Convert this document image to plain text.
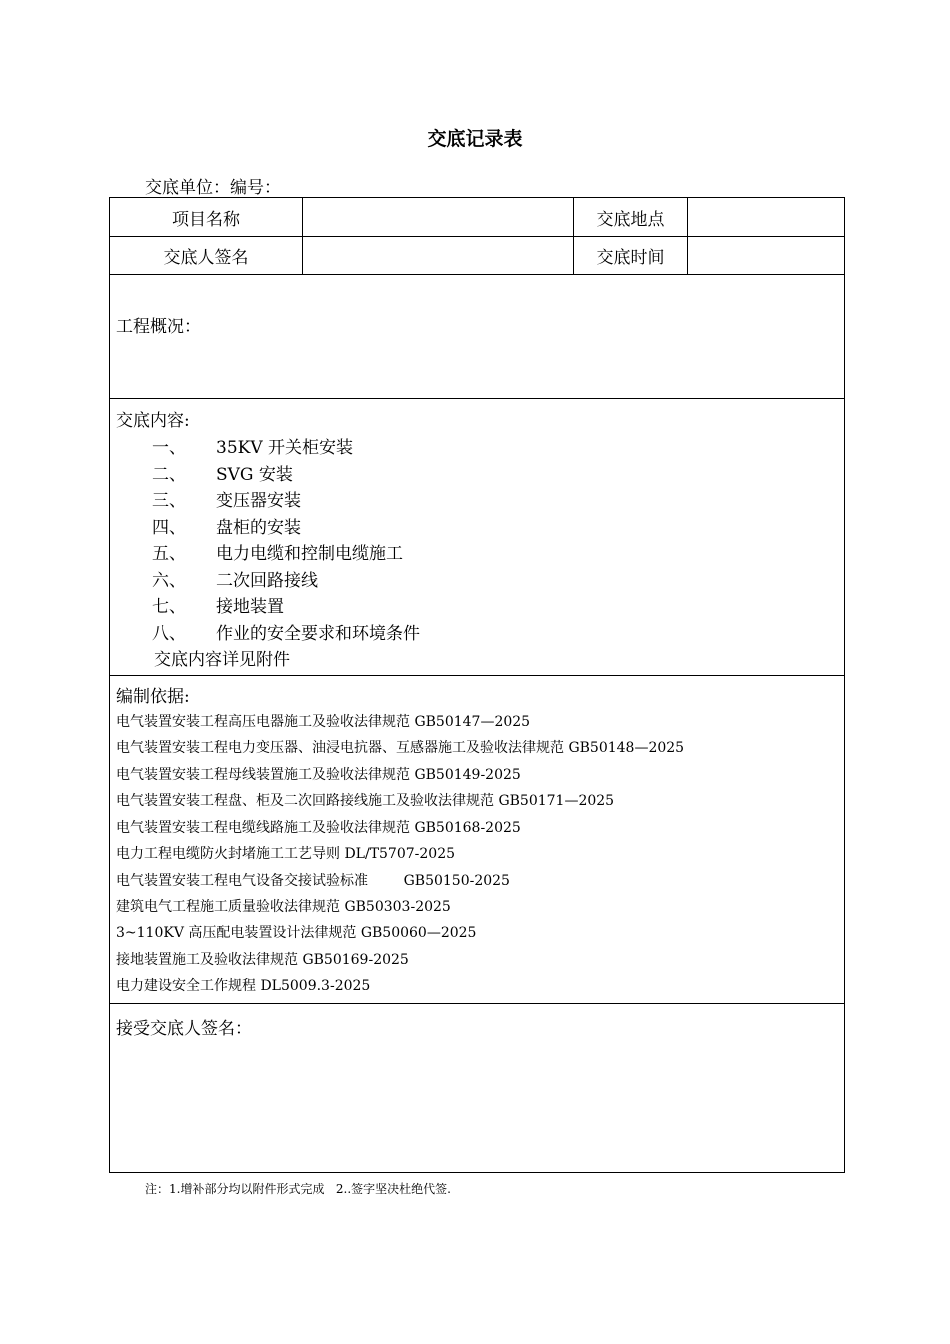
交底记录表
交底单位：编号：
项目名称	交底地点
交底人签名	交底时间
工程概况：
交底内容:
一、 35KV 开关柜安装
二、 SVG 安装
三、 变压器安装
四、 盘柜的安装
五、 电力电缆和控制电缆施工
六、 二次回路接线
七、 接地装置
八、 作业的安全要求和环境条件
交底内容详见附件
编制依据:
电气装置安装工程高压电器施工及验收法律规范 GB50147—2025
电气装置安装工程电力变压器、油浸电抗器、互感器施工及验收法律规范 GB50148—2025
电气装置安装工程母线装置施工及验收法律规范 GB50149-2025
电气装置安装工程盘、柜及二次回路接线施工及验收法律规范 GB50171—2025
电气装置安装工程电缆线路施工及验收法律规范 GB50168-2025
电力工程电缆防火封堵施工工艺导则 DL/T5707-2025
电气装置安装工程电气设备交接试验标准        GB50150-2025
建筑电气工程施工质量验收法律规范 GB50303-2025
3~110KV 高压配电装置设计法律规范 GB50060—2025
接地装置施工及验收法律规范 GB50169-2025
电力建设安全工作规程 DL5009.3-2025
接受交底人签名：
注：1.增补部分均以附件形式完成   2..签字坚决杜绝代签.
